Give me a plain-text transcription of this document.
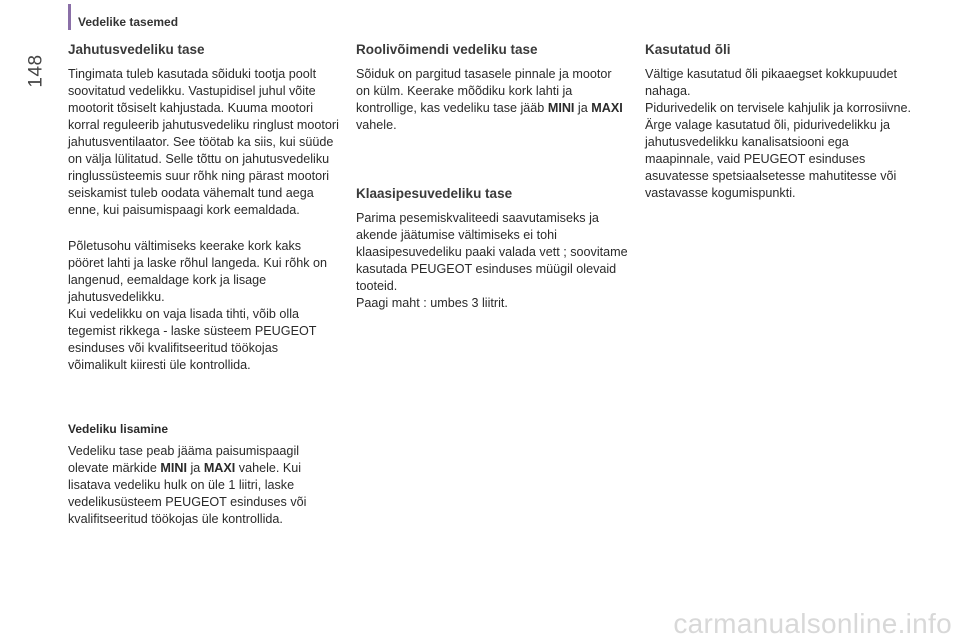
Vedelike tasemed
148
Jahutusvedeliku tase

Tingimata tuleb kasutada sõiduki tootja poolt soovitatud vedelikku. Vastupidisel juhul võite mootorit tõsiselt kahjustada. Kuuma mootori korral reguleerib jahutusvedeliku ringlust mootori jahutusventilaator. See töötab ka siis, kui süüde on välja lülitatud. Selle tõttu on jahutusvedeliku ringlussüsteemis suur rõhk ning pärast mootori seiskamist tuleb oodata vähemalt tund aega enne, kui paisumispaagi kork eemaldada.

Põletusohu vältimiseks keerake kork kaks pööret lahti ja laske rõhul langeda. Kui rõhk on langenud, eemaldage kork ja lisage jahutusvedelikku.

Kui vedelikku on vaja lisada tihti, võib olla tegemist rikkega - laske süsteem PEUGEOT esinduses või kvalifitseeritud töökojas võimalikult kiiresti üle kontrollida.

Vedeliku lisamine

Vedeliku tase peab jääma paisumispaagil olevate märkide MINI ja MAXI vahele. Kui lisatava vedeliku hulk on üle 1 liitri, laske vedelikusüsteem PEUGEOT esinduses või kvalifitseeritud töökojas üle kontrollida.

Roolivõimendi vedeliku tase

Sõiduk on pargitud tasasele pinnale ja mootor on külm. Keerake mõõdiku kork lahti ja kontrollige, kas vedeliku tase jääb MINI ja MAXI vahele.

Klaasipesuvedeliku tase

Parima pesemiskvaliteedi saavutamiseks ja akende jäätumise vältimiseks ei tohi klaasipesuvedeliku paaki valada vett ; soovitame kasutada PEUGEOT esinduses müügil olevaid tooteid.

Paagi maht : umbes 3 liitrit.

Kasutatud õli

Vältige kasutatud õli pikaaegset kokkupuudet nahaga.

Pidurivedelik on tervisele kahjulik ja korrosiivne.

Ärge valage kasutatud õli, pidurivedelikku ja jahutusvedelikku kanalisatsiooni ega maapinnale, vaid PEUGEOT esinduses asuvatesse spetsiaalsetesse mahutitesse või vastavasse kogumispunkti.

carmanualsonline.info
